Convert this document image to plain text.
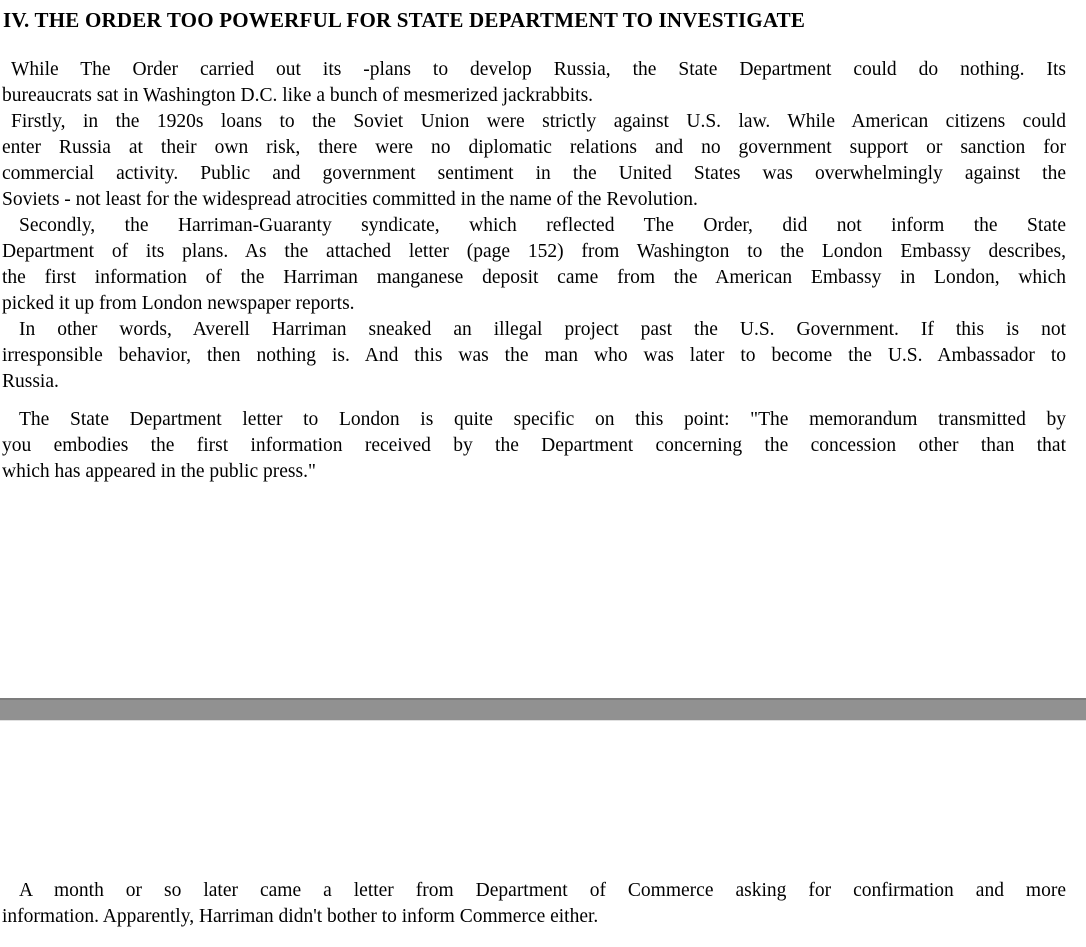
IV. THE ORDER TOO POWERFUL FOR STATE DEPARTMENT TO INVESTIGATE

While The Order carried out its -plans to develop Russia, the State Department could do nothing. Its
bureaucrats sat in Washington D.C. like a bunch of mesmerized jackrabbits.

Firstly, in the 1920s loans to the Soviet Union were strictly against U.S. law. While American citizens could
enter Russia at their own risk, there were no diplomatic relations and no government support or sanction for
commercial activity. Public and government sentiment in the United States was overwhelmingly against the
Soviets - not least for the widespread atrocities committed in the name of the Revolution.

Secondly, the Harriman-Guaranty syndicate, which reflected The Order, did not inform the State
Department of its plans. As the attached letter (page 152) from Washington to the London Embassy describes,
the first information of the Harriman manganese deposit came from the American Embassy in London, which
picked it up from London newspaper reports.

In other words, Averell Harriman sneaked an illegal project past the U.S. Government. If this is not
irresponsible behavior, then nothing is. And this was the man who was later to become the U.S. Ambassador to
Russia.

The State Department letter to London is quite specific on this point: "The memorandum transmitted by
you embodies the first information received by the Department concerning the concession other than that
which has appeared in the public press."

A month or so later came a letter from Department of Commerce asking for confirmation and more
information. Apparently, Harriman didn't bother to inform Commerce either.
